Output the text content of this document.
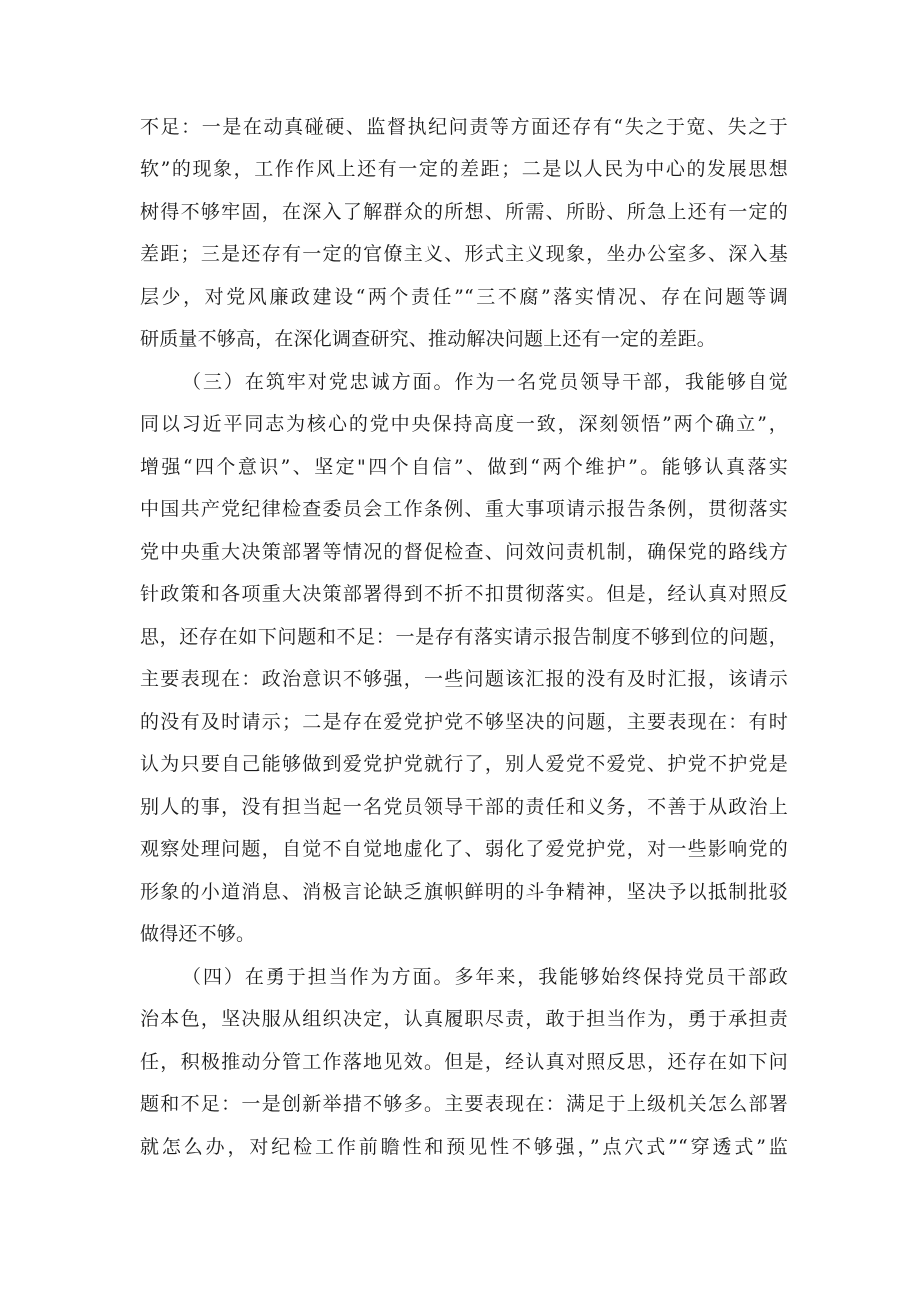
不足：一是在动真碰硬、监督执纪问责等方面还存有“失之于宽、失之于
软”的现象，工作作风上还有一定的差距；二是以人民为中心的发展思想
树得不够牢固，在深入了解群众的所想、所需、所盼、所急上还有一定的
差距；三是还存有一定的官僚主义、形式主义现象，坐办公室多、深入基
层少，对党风廉政建设“两个责任”“三不腐”落实情况、存在问题等调
研质量不够高，在深化调查研究、推动解决问题上还有一定的差距。
（三）在筑牢对党忠诚方面。作为一名党员领导干部，我能够自觉
同以习近平同志为核心的党中央保持高度一致，深刻领悟”两个确立”，
增强“四个意识”、坚定"四个自信”、做到“两个维护”。能够认真落实
中国共产党纪律检查委员会工作条例、重大事项请示报告条例，贯彻落实
党中央重大决策部署等情况的督促检查、问效问责机制，确保党的路线方
针政策和各项重大决策部署得到不折不扣贯彻落实。但是，经认真对照反
思，还存在如下问题和不足：一是存有落实请示报告制度不够到位的问题，
主要表现在：政治意识不够强，一些问题该汇报的没有及时汇报，该请示
的没有及时请示；二是存在爱党护党不够坚决的问题，主要表现在：有时
认为只要自己能够做到爱党护党就行了，别人爱党不爱党、护党不护党是
别人的事，没有担当起一名党员领导干部的责任和义务，不善于从政治上
观察处理问题，自觉不自觉地虚化了、弱化了爱党护党，对一些影响党的
形象的小道消息、消极言论缺乏旗帜鲜明的斗争精神，坚决予以抵制批驳
做得还不够。
（四）在勇于担当作为方面。多年来，我能够始终保持党员干部政
治本色，坚决服从组织决定，认真履职尽责，敢于担当作为，勇于承担责
任，积极推动分管工作落地见效。但是，经认真对照反思，还存在如下问
题和不足：一是创新举措不够多。主要表现在：满足于上级机关怎么部署
就怎么办，对纪检工作前瞻性和预见性不够强，”点穴式”“穿透式”监
